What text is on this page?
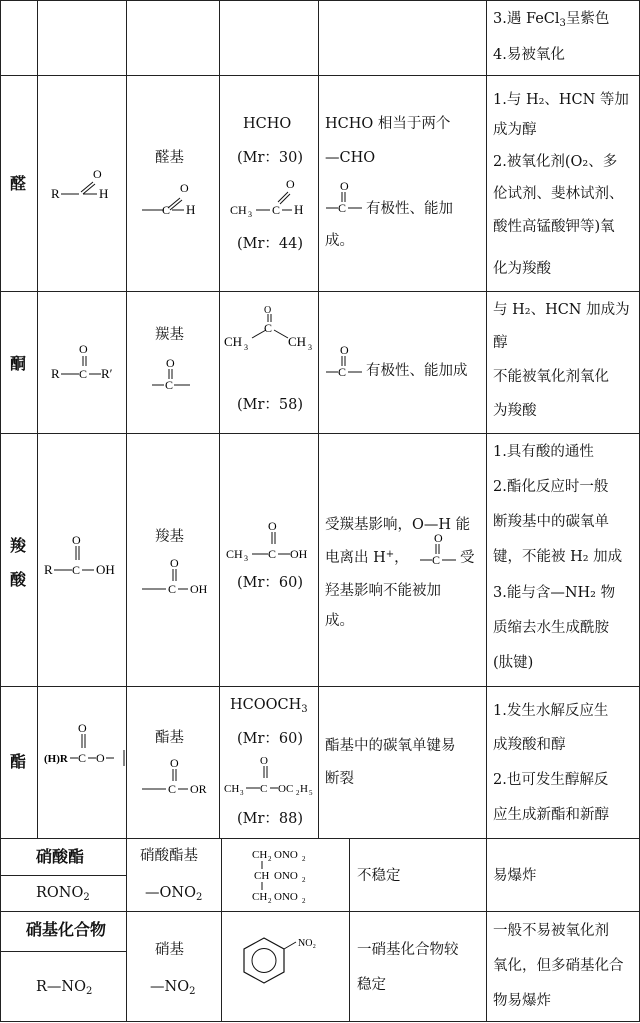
3.遇 FeCl$_3$呈紫色
4.易被氧化
醛
R
O
H
醛基
O
C H
HCHO
(Mr：30)
CH 3 C
O
H
(Mr：44)
HCHO 相当于两个
—CHO
O
C 有极性、能加
成。
1.与 H₂、HCN 等加
成为醇
2.被氧化剂(O₂、多
伦试剂、斐林试剂、
酸性高锰酸钾等)氧
化为羧酸
酮
R C
O
R′
羰基
O
C
CH 3
C
O
CH 3
(Mr：58)
O
C 有极性、能加成
与 H₂、HCN 加成为
醇
不能被氧化剂氧化
为羧酸
羧
酸
R C
O
OH
羧基
O
C OH
CH 3 C
O
OH
(Mr：60)
受羰基影响，O—H 能
电离出 H+，
O
C 受
羟基影响不能被加
成。
1.具有酸的通性
2.酯化反应时一般
断羧基中的碳氧单
键，不能被 H₂ 加成
3.能与含—NH₂ 物
质缩去水生成酰胺
(肽键)
酯 (H)R C
O
O
酯基
O
C OR
$HCOOCH_3$
(Mr：60)
CH 3 C
O
OC 2 H 5
(Mr：88)
酯基中的碳氧单键易
断裂
1.发生水解反应生
成羧酸和醇
2.也可发生醇解反
应生成新酯和新醇
硝酸酯
$RONO_2$
硝酸酯基
$—ONO_2$
CH 2 ONO 2
CH ONO 2
CH 2 ONO 2
不稳定	易爆炸
硝基化合物
$R—NO_2$
硝基
$—NO_2$
NO₂	一硝基化合物较
稳定
一般不易被氧化剂
氧化，但多硝基化合
物易爆炸
